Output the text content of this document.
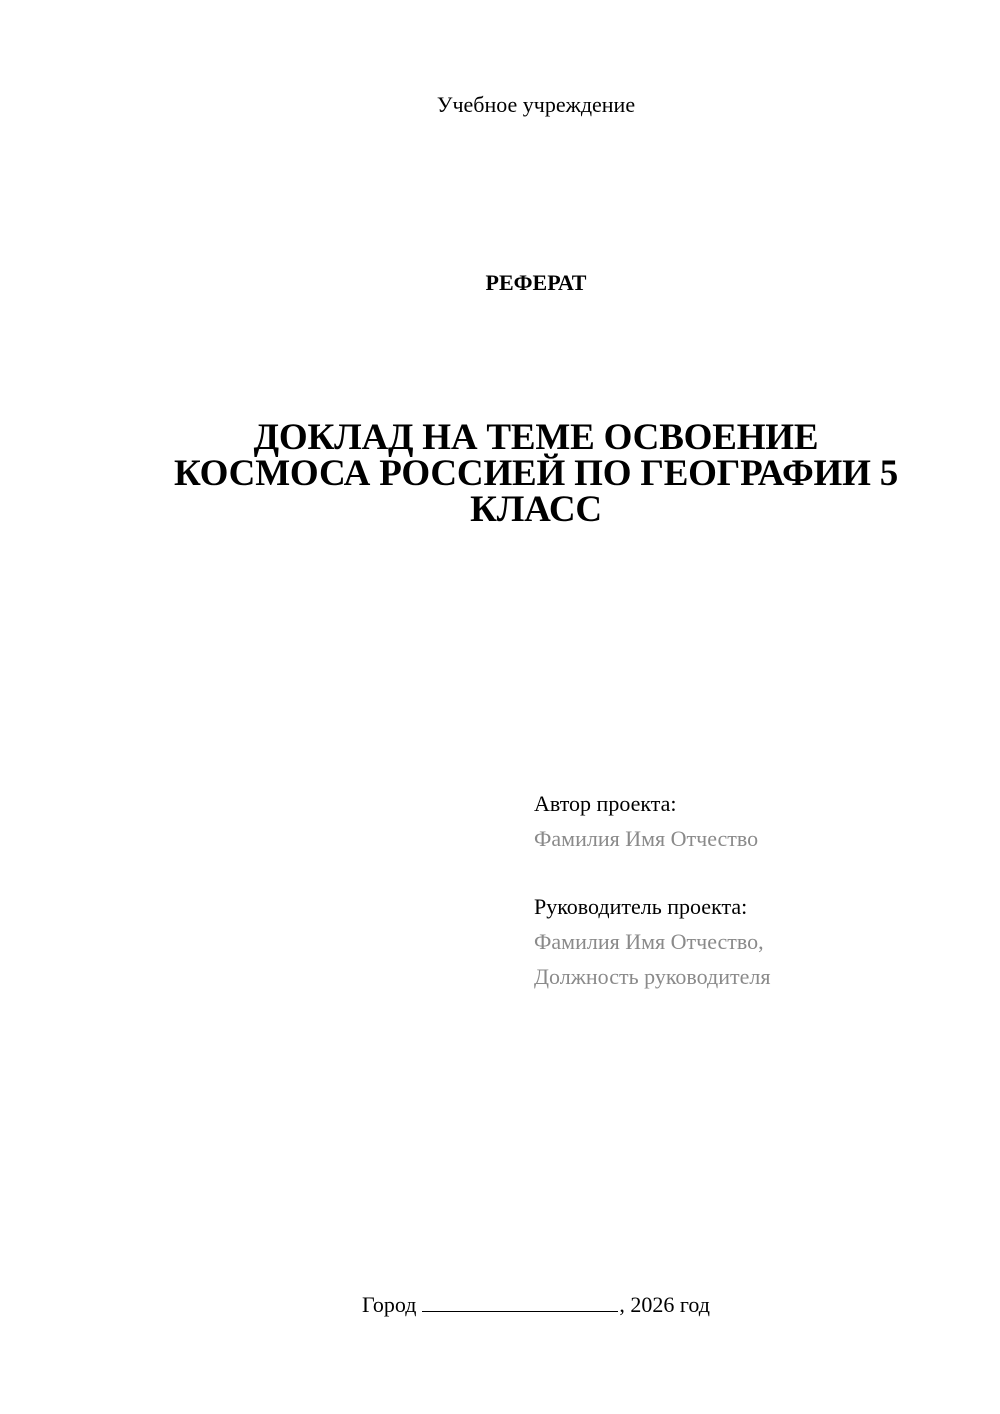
Учебное учреждение
РЕФЕРАТ
ДОКЛАД НА ТЕМЕ ОСВОЕНИЕ
КОСМОСА РОССИЕЙ ПО ГЕОГРАФИИ 5
КЛАСС
Автор проекта:
Фамилия Имя Отчество
Руководитель проекта:
Фамилия Имя Отчество,
Должность руководителя
Город	, 2026 год
